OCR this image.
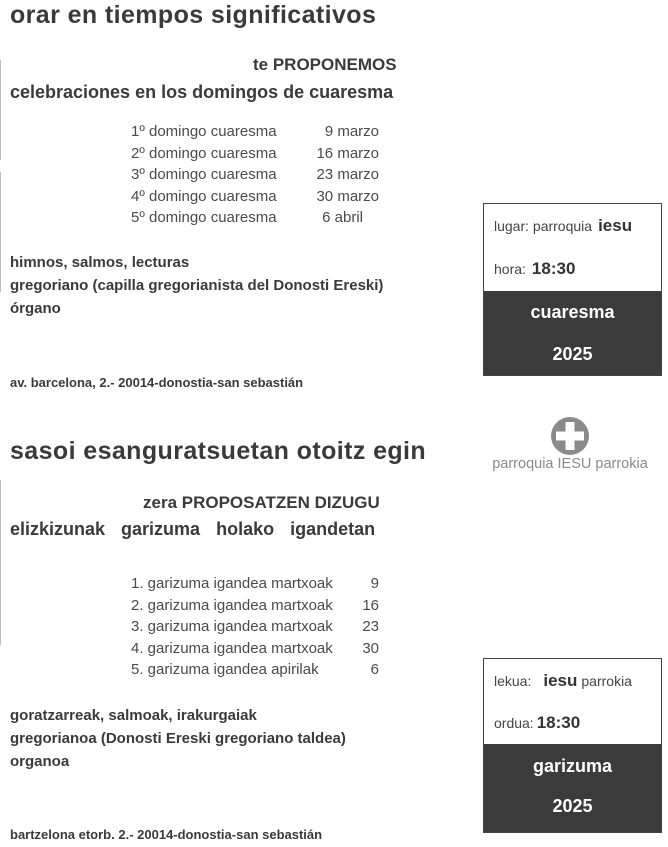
orar en tiempos significativos
te PROPONEMOS
celebraciones en los domingos de cuaresma
1º domingo cuaresma	9 marzo
2º domingo cuaresma	16 marzo
3º domingo cuaresma	23 marzo
4º domingo cuaresma	30 marzo
5º domingo cuaresma	6 abril
himnos, salmos, lecturas
gregoriano (capilla gregorianista del Donosti Ereski)
órgano
av. barcelona, 2.- 20014-donostia-san sebastián
lugar: parroquia iesu
hora: 18:30
cuaresma
2025
parroquia IESU parrokia
sasoi esanguratsuetan otoitz egin
zera PROPOSATZEN DIZUGU
elizkizunak garizuma holako igandetan
1. garizuma igandea martxoak	9
2. garizuma igandea martxoak	16
3. garizuma igandea martxoak	23
4. garizuma igandea martxoak	30
5. garizuma igandea apirilak	6
goratzarreak, salmoak, irakurgaiak
gregorianoa (Donosti Ereski gregoriano taldea)
organoa
bartzelona etorb. 2.- 20014-donostia-san sebastián
lekua: iesu parrokia
ordua: 18:30
garizuma
2025
